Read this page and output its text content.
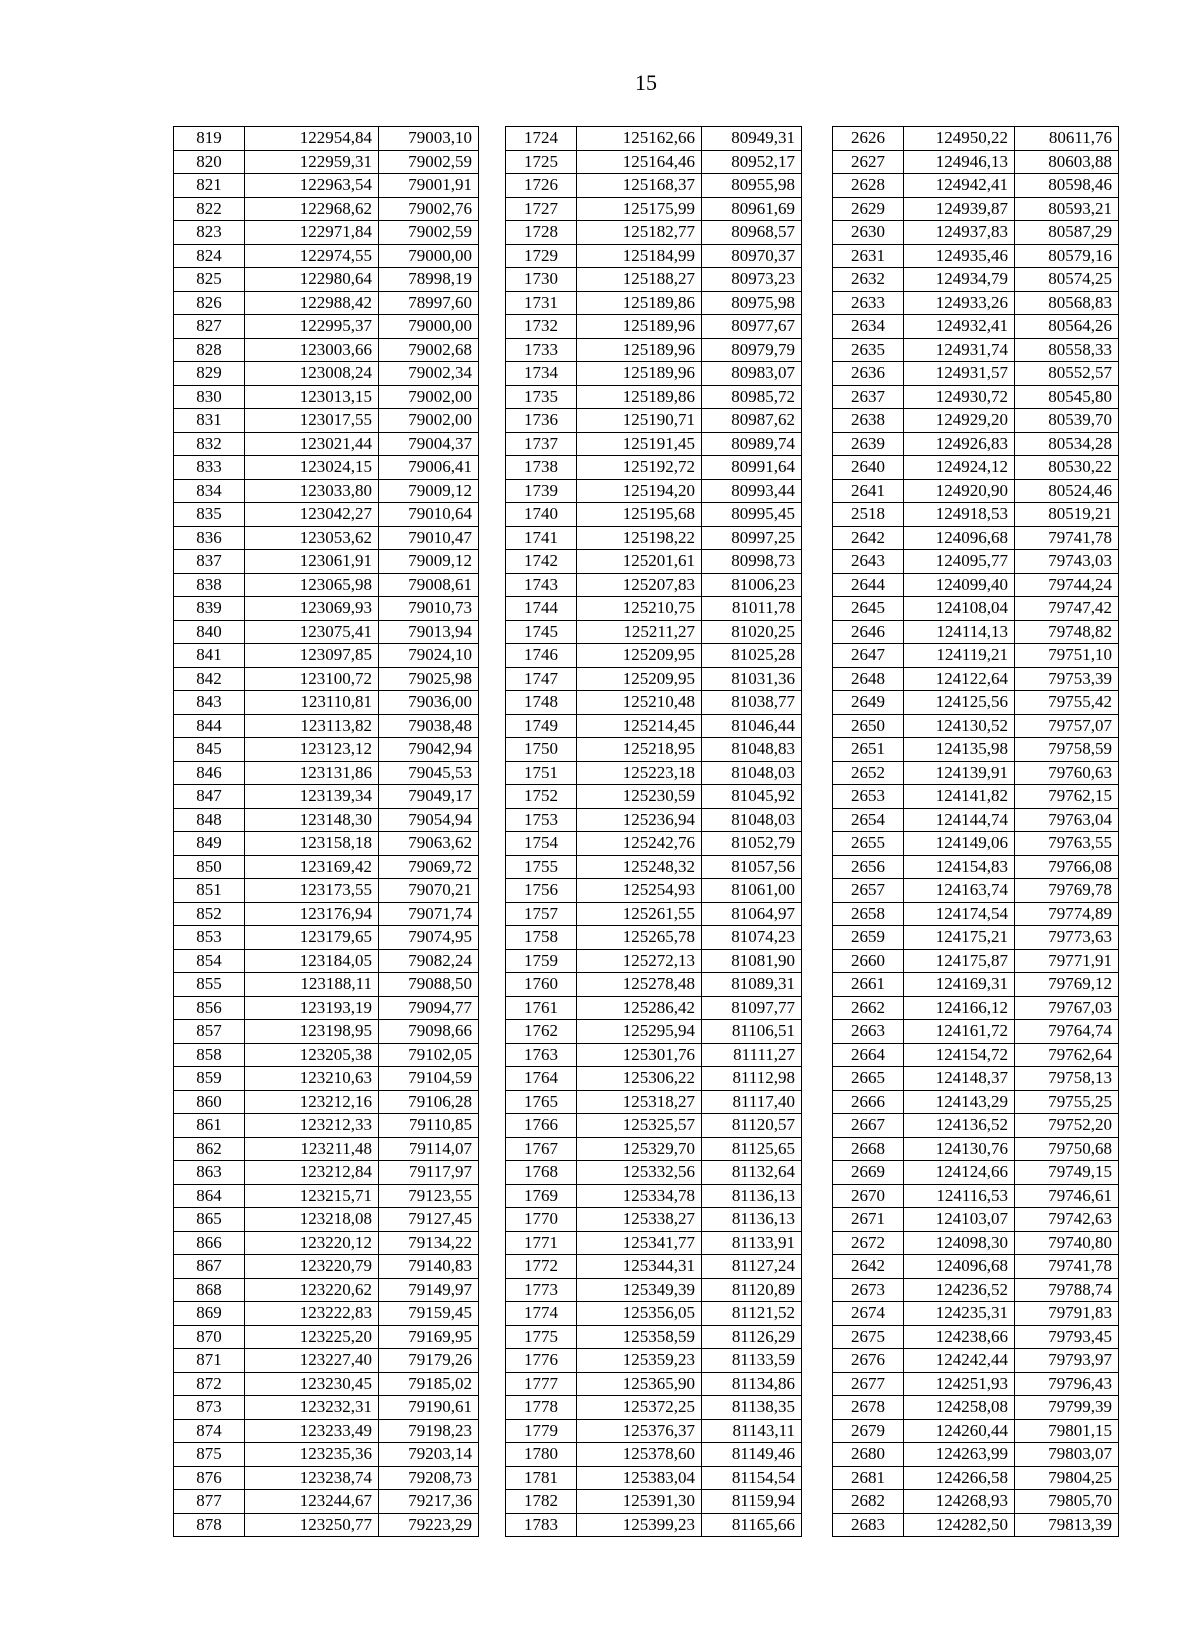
15
819	122954,84	79003,10		1724	125162,66	80949,31		2626	124950,22	80611,76
820	122959,31	79002,59		1725	125164,46	80952,17		2627	124946,13	80603,88
821	122963,54	79001,91		1726	125168,37	80955,98		2628	124942,41	80598,46
822	122968,62	79002,76		1727	125175,99	80961,69		2629	124939,87	80593,21
823	122971,84	79002,59		1728	125182,77	80968,57		2630	124937,83	80587,29
824	122974,55	79000,00		1729	125184,99	80970,37		2631	124935,46	80579,16
825	122980,64	78998,19		1730	125188,27	80973,23		2632	124934,79	80574,25
826	122988,42	78997,60		1731	125189,86	80975,98		2633	124933,26	80568,83
827	122995,37	79000,00		1732	125189,96	80977,67		2634	124932,41	80564,26
828	123003,66	79002,68		1733	125189,96	80979,79		2635	124931,74	80558,33
829	123008,24	79002,34		1734	125189,96	80983,07		2636	124931,57	80552,57
830	123013,15	79002,00		1735	125189,86	80985,72		2637	124930,72	80545,80
831	123017,55	79002,00		1736	125190,71	80987,62		2638	124929,20	80539,70
832	123021,44	79004,37		1737	125191,45	80989,74		2639	124926,83	80534,28
833	123024,15	79006,41		1738	125192,72	80991,64		2640	124924,12	80530,22
834	123033,80	79009,12		1739	125194,20	80993,44		2641	124920,90	80524,46
835	123042,27	79010,64		1740	125195,68	80995,45		2518	124918,53	80519,21
836	123053,62	79010,47		1741	125198,22	80997,25		2642	124096,68	79741,78
837	123061,91	79009,12		1742	125201,61	80998,73		2643	124095,77	79743,03
838	123065,98	79008,61		1743	125207,83	81006,23		2644	124099,40	79744,24
839	123069,93	79010,73		1744	125210,75	81011,78		2645	124108,04	79747,42
840	123075,41	79013,94		1745	125211,27	81020,25		2646	124114,13	79748,82
841	123097,85	79024,10		1746	125209,95	81025,28		2647	124119,21	79751,10
842	123100,72	79025,98		1747	125209,95	81031,36		2648	124122,64	79753,39
843	123110,81	79036,00		1748	125210,48	81038,77		2649	124125,56	79755,42
844	123113,82	79038,48		1749	125214,45	81046,44		2650	124130,52	79757,07
845	123123,12	79042,94		1750	125218,95	81048,83		2651	124135,98	79758,59
846	123131,86	79045,53		1751	125223,18	81048,03		2652	124139,91	79760,63
847	123139,34	79049,17		1752	125230,59	81045,92		2653	124141,82	79762,15
848	123148,30	79054,94		1753	125236,94	81048,03		2654	124144,74	79763,04
849	123158,18	79063,62		1754	125242,76	81052,79		2655	124149,06	79763,55
850	123169,42	79069,72		1755	125248,32	81057,56		2656	124154,83	79766,08
851	123173,55	79070,21		1756	125254,93	81061,00		2657	124163,74	79769,78
852	123176,94	79071,74		1757	125261,55	81064,97		2658	124174,54	79774,89
853	123179,65	79074,95		1758	125265,78	81074,23		2659	124175,21	79773,63
854	123184,05	79082,24		1759	125272,13	81081,90		2660	124175,87	79771,91
855	123188,11	79088,50		1760	125278,48	81089,31		2661	124169,31	79769,12
856	123193,19	79094,77		1761	125286,42	81097,77		2662	124166,12	79767,03
857	123198,95	79098,66		1762	125295,94	81106,51		2663	124161,72	79764,74
858	123205,38	79102,05		1763	125301,76	81111,27		2664	124154,72	79762,64
859	123210,63	79104,59		1764	125306,22	81112,98		2665	124148,37	79758,13
860	123212,16	79106,28		1765	125318,27	81117,40		2666	124143,29	79755,25
861	123212,33	79110,85		1766	125325,57	81120,57		2667	124136,52	79752,20
862	123211,48	79114,07		1767	125329,70	81125,65		2668	124130,76	79750,68
863	123212,84	79117,97		1768	125332,56	81132,64		2669	124124,66	79749,15
864	123215,71	79123,55		1769	125334,78	81136,13		2670	124116,53	79746,61
865	123218,08	79127,45		1770	125338,27	81136,13		2671	124103,07	79742,63
866	123220,12	79134,22		1771	125341,77	81133,91		2672	124098,30	79740,80
867	123220,79	79140,83		1772	125344,31	81127,24		2642	124096,68	79741,78
868	123220,62	79149,97		1773	125349,39	81120,89		2673	124236,52	79788,74
869	123222,83	79159,45		1774	125356,05	81121,52		2674	124235,31	79791,83
870	123225,20	79169,95		1775	125358,59	81126,29		2675	124238,66	79793,45
871	123227,40	79179,26		1776	125359,23	81133,59		2676	124242,44	79793,97
872	123230,45	79185,02		1777	125365,90	81134,86		2677	124251,93	79796,43
873	123232,31	79190,61		1778	125372,25	81138,35		2678	124258,08	79799,39
874	123233,49	79198,23		1779	125376,37	81143,11		2679	124260,44	79801,15
875	123235,36	79203,14		1780	125378,60	81149,46		2680	124263,99	79803,07
876	123238,74	79208,73		1781	125383,04	81154,54		2681	124266,58	79804,25
877	123244,67	79217,36		1782	125391,30	81159,94		2682	124268,93	79805,70
878	123250,77	79223,29		1783	125399,23	81165,66		2683	124282,50	79813,39
